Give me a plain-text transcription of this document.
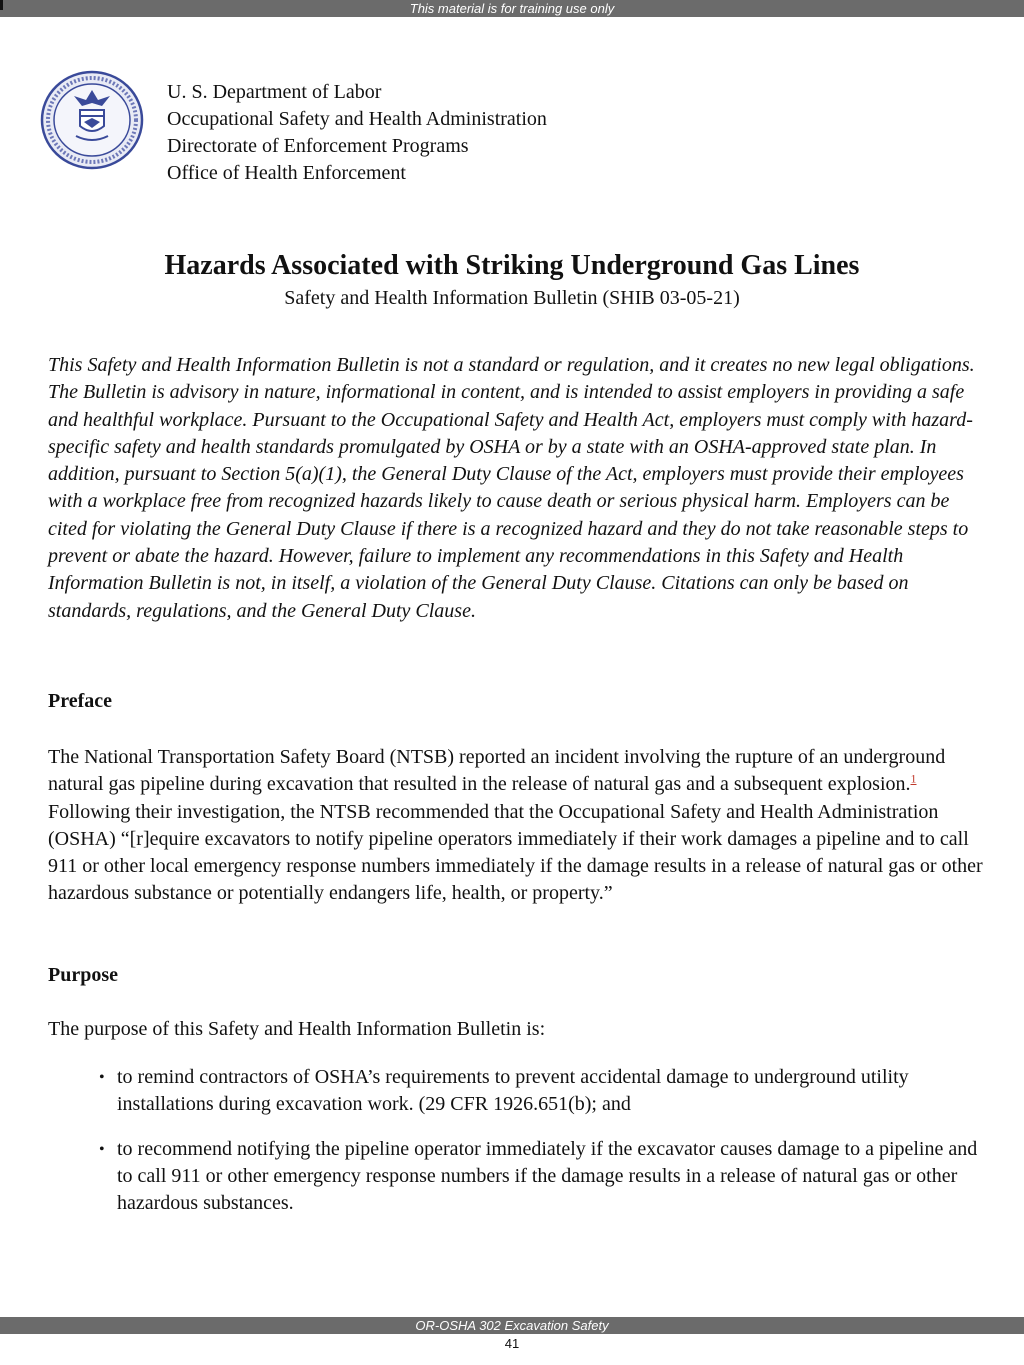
This material is for training use only
U. S. Department of Labor
Occupational Safety and Health Administration
Directorate of Enforcement Programs
Office of Health Enforcement
Hazards Associated with Striking Underground Gas Lines
Safety and Health Information Bulletin (SHIB 03-05-21)

This Safety and Health Information Bulletin is not a standard or regulation, and it creates no new legal obligations. The Bulletin is advisory in nature, informational in content, and is intended to assist employers in providing a safe and healthful workplace. Pursuant to the Occupational Safety and Health Act, employers must comply with hazard-specific safety and health standards promulgated by OSHA or by a state with an OSHA-approved state plan. In addition, pursuant to Section 5(a)(1), the General Duty Clause of the Act, employers must provide their employees with a workplace free from recognized hazards likely to cause death or serious physical harm. Employers can be cited for violating the General Duty Clause if there is a recognized hazard and they do not take reasonable steps to prevent or abate the hazard. However, failure to implement any recommendations in this Safety and Health Information Bulletin is not, in itself, a violation of the General Duty Clause. Citations can only be based on standards, regulations, and the General Duty Clause.

Preface

The National Transportation Safety Board (NTSB) reported an incident involving the rupture of an underground natural gas pipeline during excavation that resulted in the release of natural gas and a subsequent explosion.$^1$ Following their investigation, the NTSB recommended that the Occupational Safety and Health Administration (OSHA) “[r]equire excavators to notify pipeline operators immediately if their work damages a pipeline and to call 911 or other local emergency response numbers immediately if the damage results in a release of natural gas or other hazardous substance or potentially endangers life, health, or property.”

Purpose

The purpose of this Safety and Health Information Bulletin is:

• to remind contractors of OSHA’s requirements to prevent accidental damage to underground utility installations during excavation work. (29 CFR 1926.651(b); and
• to recommend notifying the pipeline operator immediately if the excavator causes damage to a pipeline and to call 911 or other emergency response numbers if the damage results in a release of natural gas or other hazardous substances.
OR-OSHA 302 Excavation Safety
41
